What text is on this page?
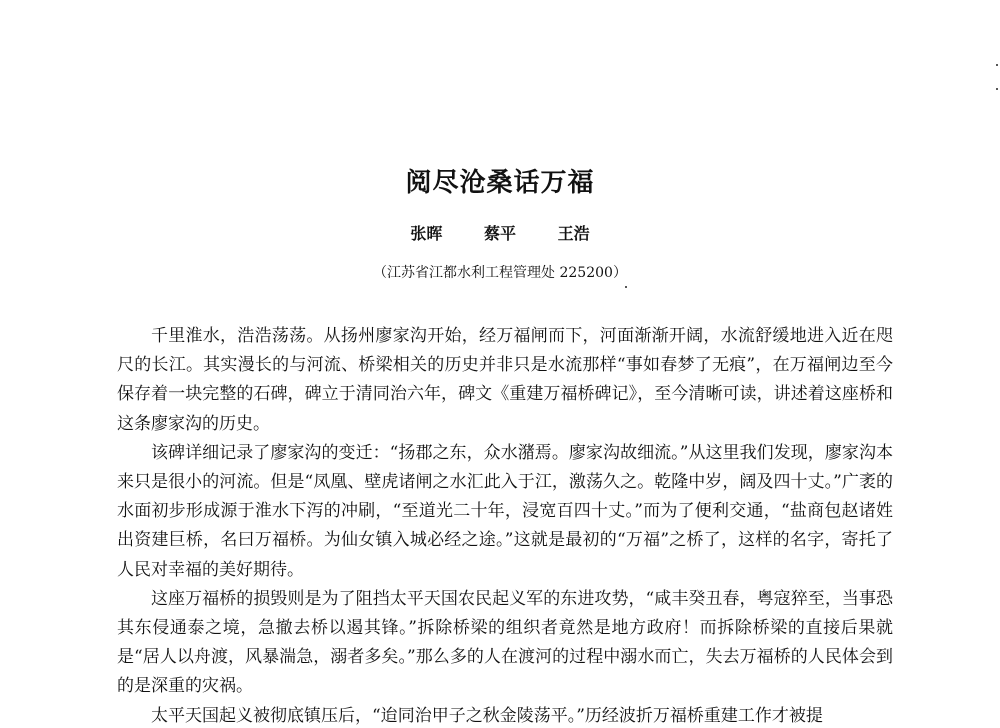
阅尽沧桑话万福
张晖	蔡平	王浩
（江苏省江都水利工程管理处 225200）

千里淮水，浩浩荡荡。从扬州廖家沟开始，经万福闸而下，河面渐渐开阔，水流舒缓地进入近在咫尺的长江。其实漫长的与河流、桥梁相关的历史并非只是水流那样“事如春梦了无痕”，在万福闸边至今保存着一块完整的石碑，碑立于清同治六年，碑文《重建万福桥碑记》，至今清晰可读，讲述着这座桥和这条廖家沟的历史。

该碑详细记录了廖家沟的变迁：“扬郡之东，众水潴焉。廖家沟故细流。”从这里我们发现，廖家沟本来只是很小的河流。但是“凤凰、壁虎诸闸之水汇此入于江，激荡久之。乾隆中岁，阔及四十丈。”广袤的水面初步形成源于淮水下泻的冲刷，“至道光二十年，浸宽百四十丈。”而为了便利交通，“盐商包赵诸姓出资建巨桥，名曰万福桥。为仙女镇入城必经之途。”这就是最初的“万福”之桥了，这样的名字，寄托了人民对幸福的美好期待。

这座万福桥的损毁则是为了阻挡太平天国农民起义军的东进攻势，“咸丰癸丑春，粤寇猝至，当事恐其东侵通泰之境，急撤去桥以遏其锋。”拆除桥梁的组织者竟然是地方政府！而拆除桥梁的直接后果就是“居人以舟渡，风暴湍急，溺者多矣。”那么多的人在渡河的过程中溺水而亡，失去万福桥的人民体会到的是深重的灾祸。

太平天国起义被彻底镇压后，“迨同治甲子之秋金陵荡平。”历经波折万福桥重建工作才被提
